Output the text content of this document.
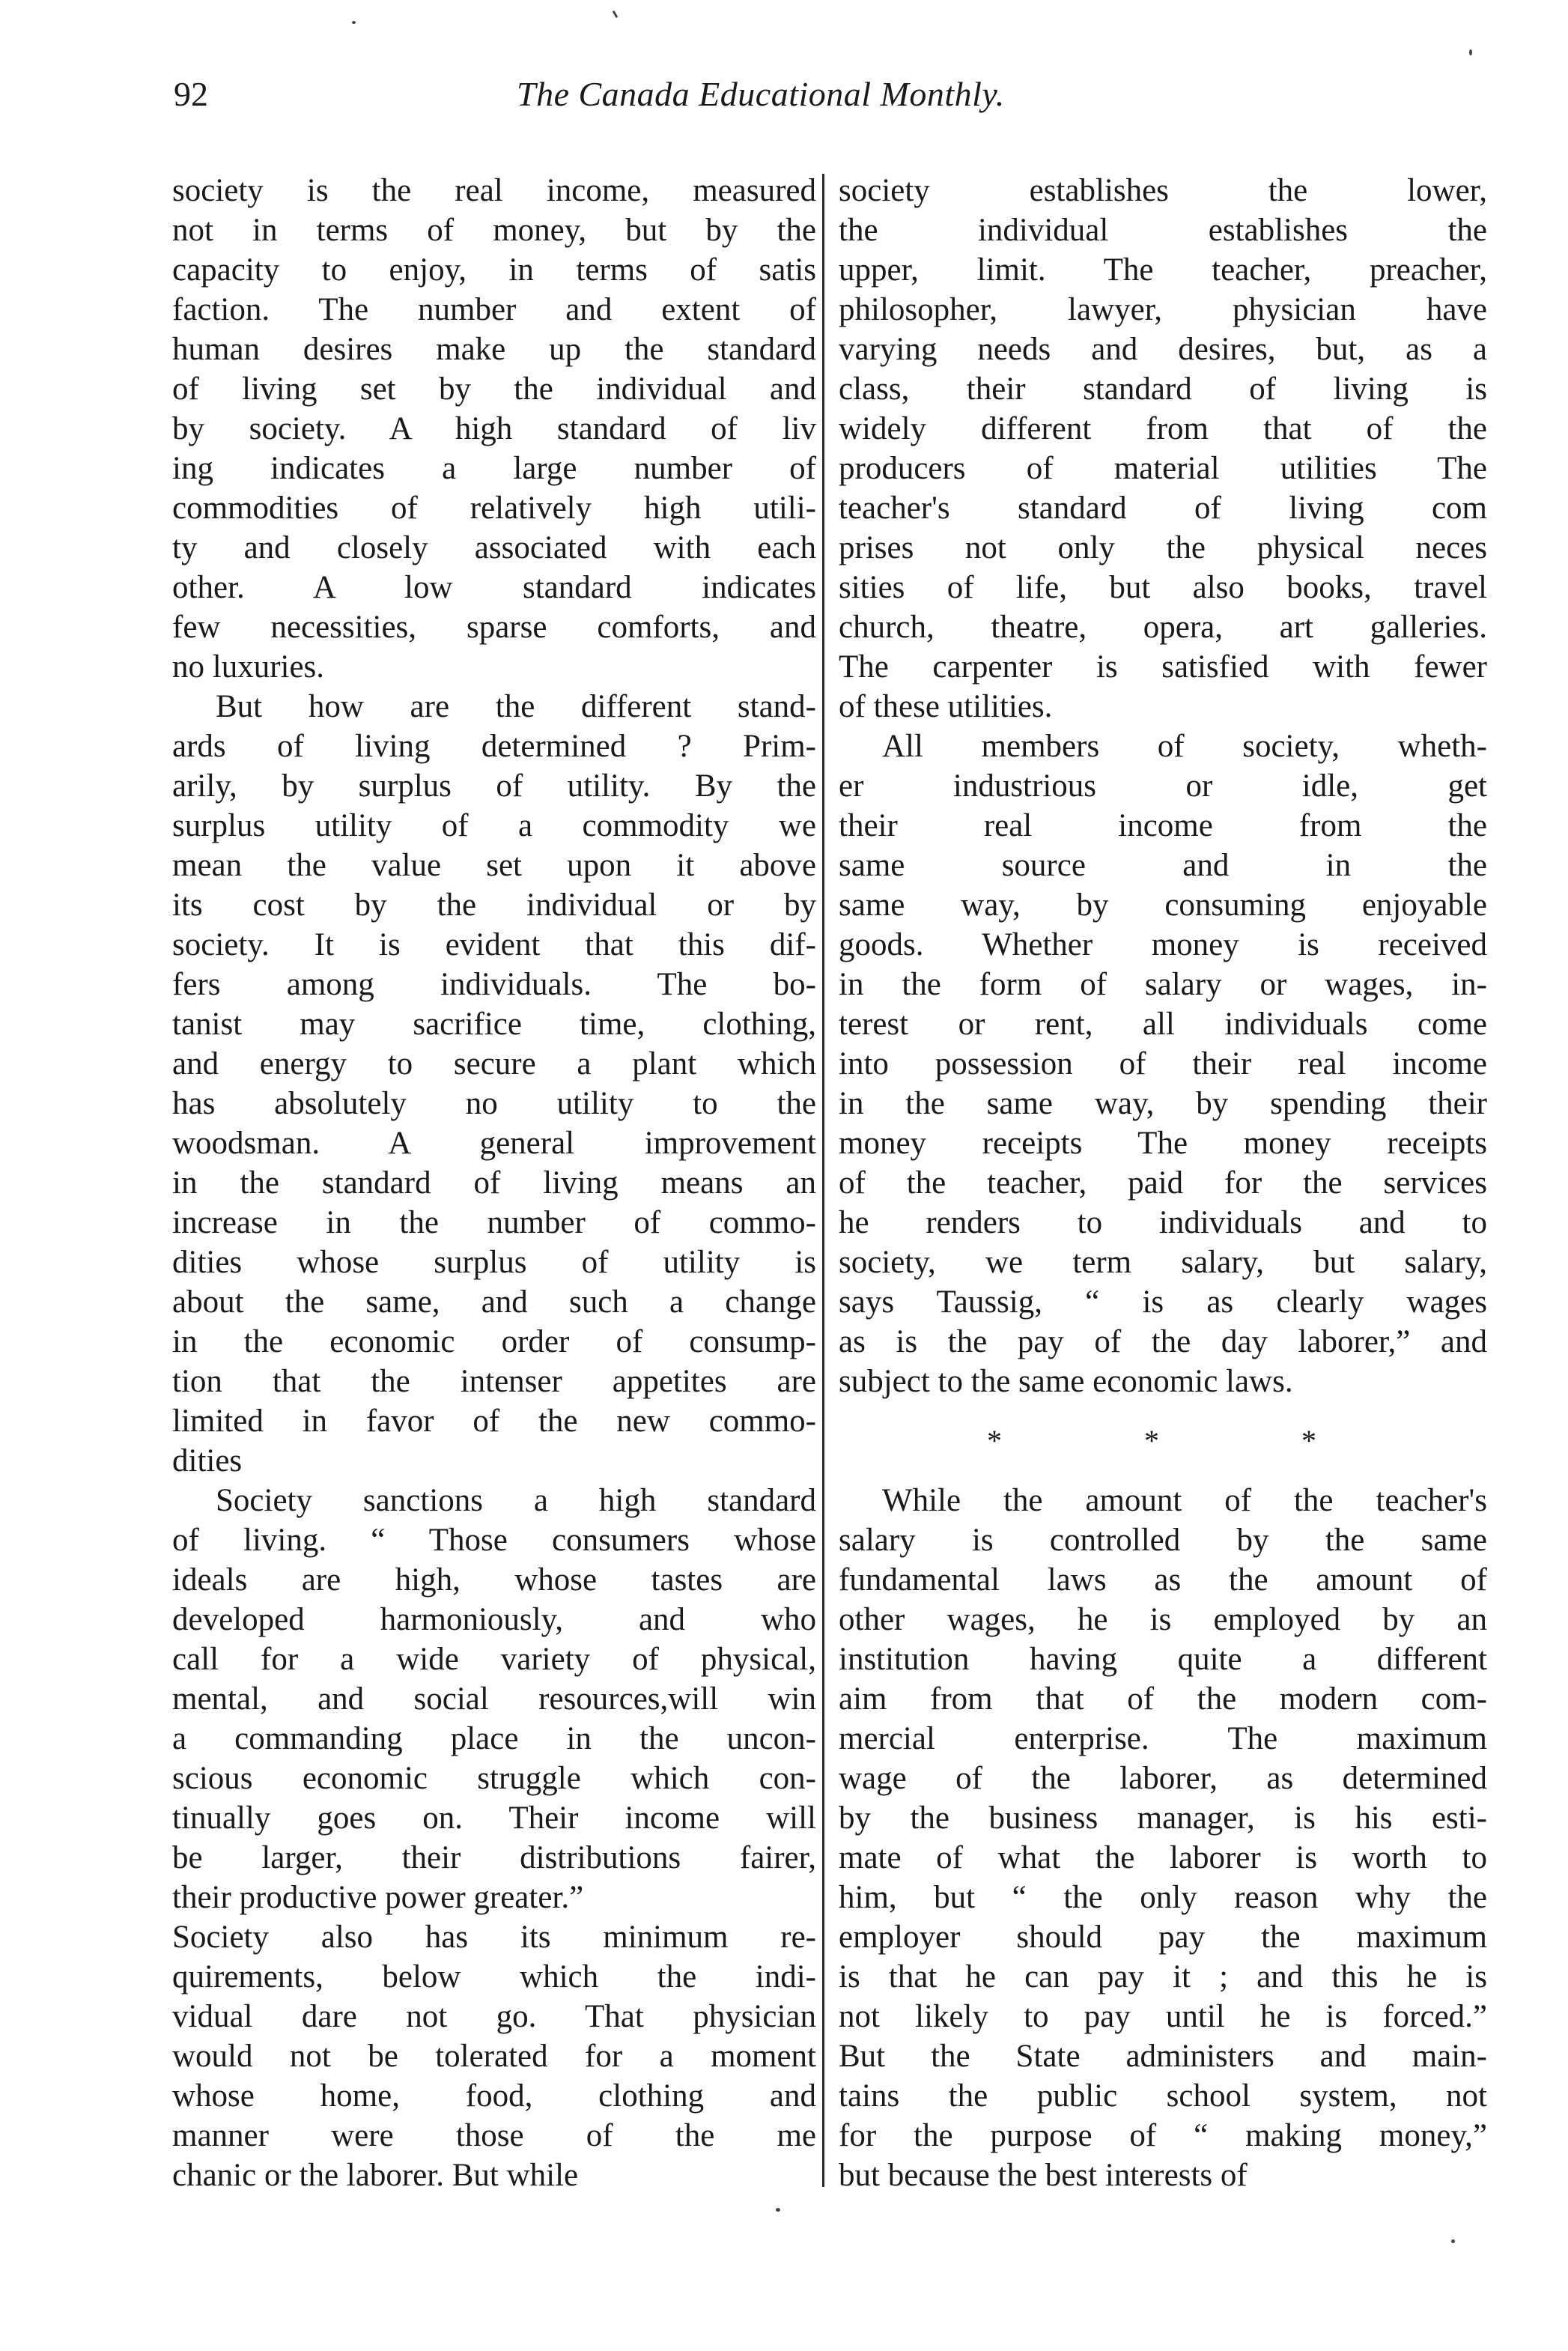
92	The Canada Educational Monthly.
society is the real income, measured
not in terms of money, but by the
capacity to enjoy, in terms of satis
faction. The number and extent of
human desires make up the standard
of living set by the individual and
by society. A high standard of liv
ing indicates a large number of
commodities of relatively high utili-
ty and closely associated with each
other. A low standard indicates
few necessities, sparse comforts, and
no luxuries.
But how are the different stand-
ards of living determined ? Prim-
arily, by surplus of utility. By the
surplus utility of a commodity we
mean the value set upon it above
its cost by the individual or by
society. It is evident that this dif-
fers among individuals. The bo-
tanist may sacrifice time, clothing,
and energy to secure a plant which
has absolutely no utility to the
woodsman. A general improvement
in the standard of living means an
increase in the number of commo-
dities whose surplus of utility is
about the same, and such a change
in the economic order of consump-
tion that the intenser appetites are
limited in favor of the new commo-
dities
Society sanctions a high standard
of living. “ Those consumers whose
ideals are high, whose tastes are
developed harmoniously, and who
call for a wide variety of physical,
mental, and social resources,will win
a commanding place in the uncon-
scious economic struggle which con-
tinually goes on. Their income will
be larger, their distributions fairer,
their productive power greater.”
Society also has its minimum re-
quirements, below which the indi-
vidual dare not go. That physician
would not be tolerated for a moment
whose home, food, clothing and
manner were those of the me
chanic or the laborer. But while
society establishes the lower,
the individual establishes the
upper, limit. The teacher, preacher,
philosopher, lawyer, physician have
varying needs and desires, but, as a
class, their standard of living is
widely different from that of the
producers of material utilities The
teacher's standard of living com
prises not only the physical neces
sities of life, but also books, travel
church, theatre, opera, art galleries.
The carpenter is satisfied with fewer
of these utilities.
All members of society, wheth-
er industrious or idle, get
their real income from the
same source and in the
same way, by consuming enjoyable
goods. Whether money is received
in the form of salary or wages, in-
terest or rent, all individuals come
into possession of their real income
in the same way, by spending their
money receipts The money receipts
of the teacher, paid for the services
he renders to individuals and to
society, we term salary, but salary,
says Taussig, “ is as clearly wages
as is the pay of the day laborer,” and
subject to the same economic laws.
* * *
While the amount of the teacher's
salary is controlled by the same
fundamental laws as the amount of
other wages, he is employed by an
institution having quite a different
aim from that of the modern com-
mercial enterprise. The maximum
wage of the laborer, as determined
by the business manager, is his esti-
mate of what the laborer is worth to
him, but “ the only reason why the
employer should pay the maximum
is that he can pay it ; and this he is
not likely to pay until he is forced.”
But the State administers and main-
tains the public school system, not
for the purpose of “ making money,”
but because the best interests of
